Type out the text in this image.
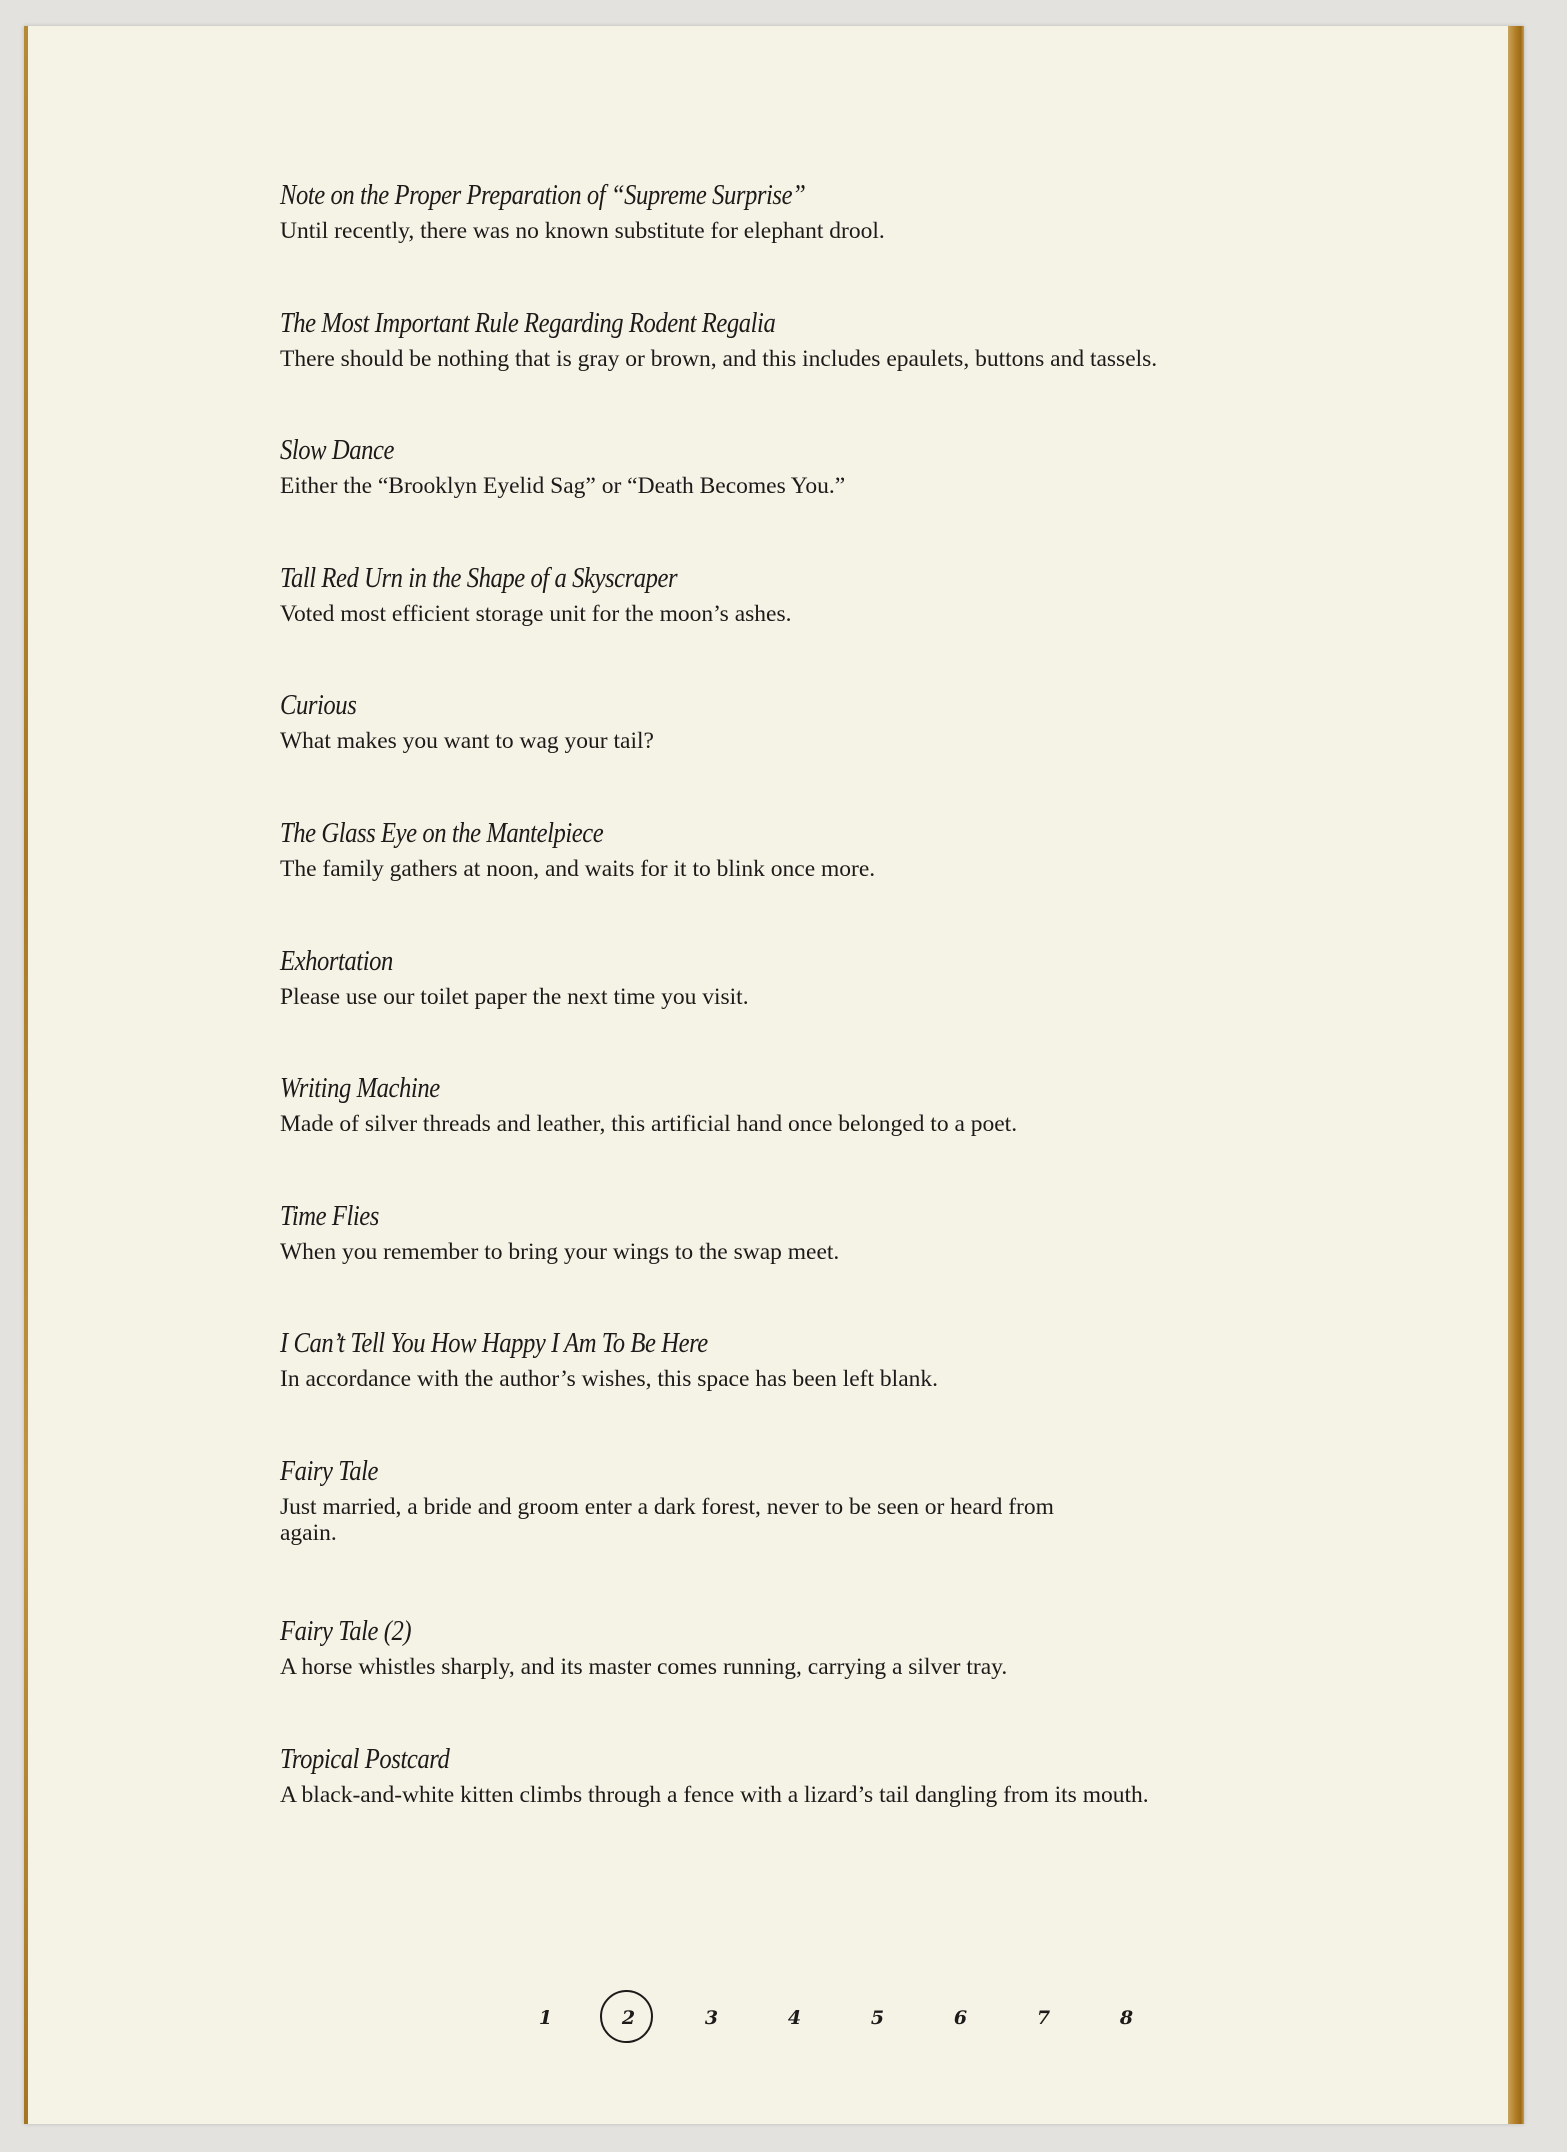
Note on the Proper Preparation of “Supreme Surprise”
Until recently, there was no known substitute for elephant drool.
The Most Important Rule Regarding Rodent Regalia
There should be nothing that is gray or brown, and this includes epaulets, buttons and tassels.
Slow Dance
Either the “Brooklyn Eyelid Sag” or “Death Becomes You.”
Tall Red Urn in the Shape of a Skyscraper
Voted most efficient storage unit for the moon’s ashes.
Curious
What makes you want to wag your tail?
The Glass Eye on the Mantelpiece
The family gathers at noon, and waits for it to blink once more.
Exhortation
Please use our toilet paper the next time you visit.
Writing Machine
Made of silver threads and leather, this artificial hand once belonged to a poet.
Time Flies
When you remember to bring your wings to the swap meet.
I Can’t Tell You How Happy I Am To Be Here
In accordance with the author’s wishes, this space has been left blank.
Fairy Tale
Just married, a bride and groom enter a dark forest, never to be seen or heard from again.
Fairy Tale (2)
A horse whistles sharply, and its master comes running, carrying a silver tray.
Tropical Postcard
A black-and-white kitten climbs through a fence with a lizard’s tail dangling from its mouth.
1	2	3	4	5	6	7	8
